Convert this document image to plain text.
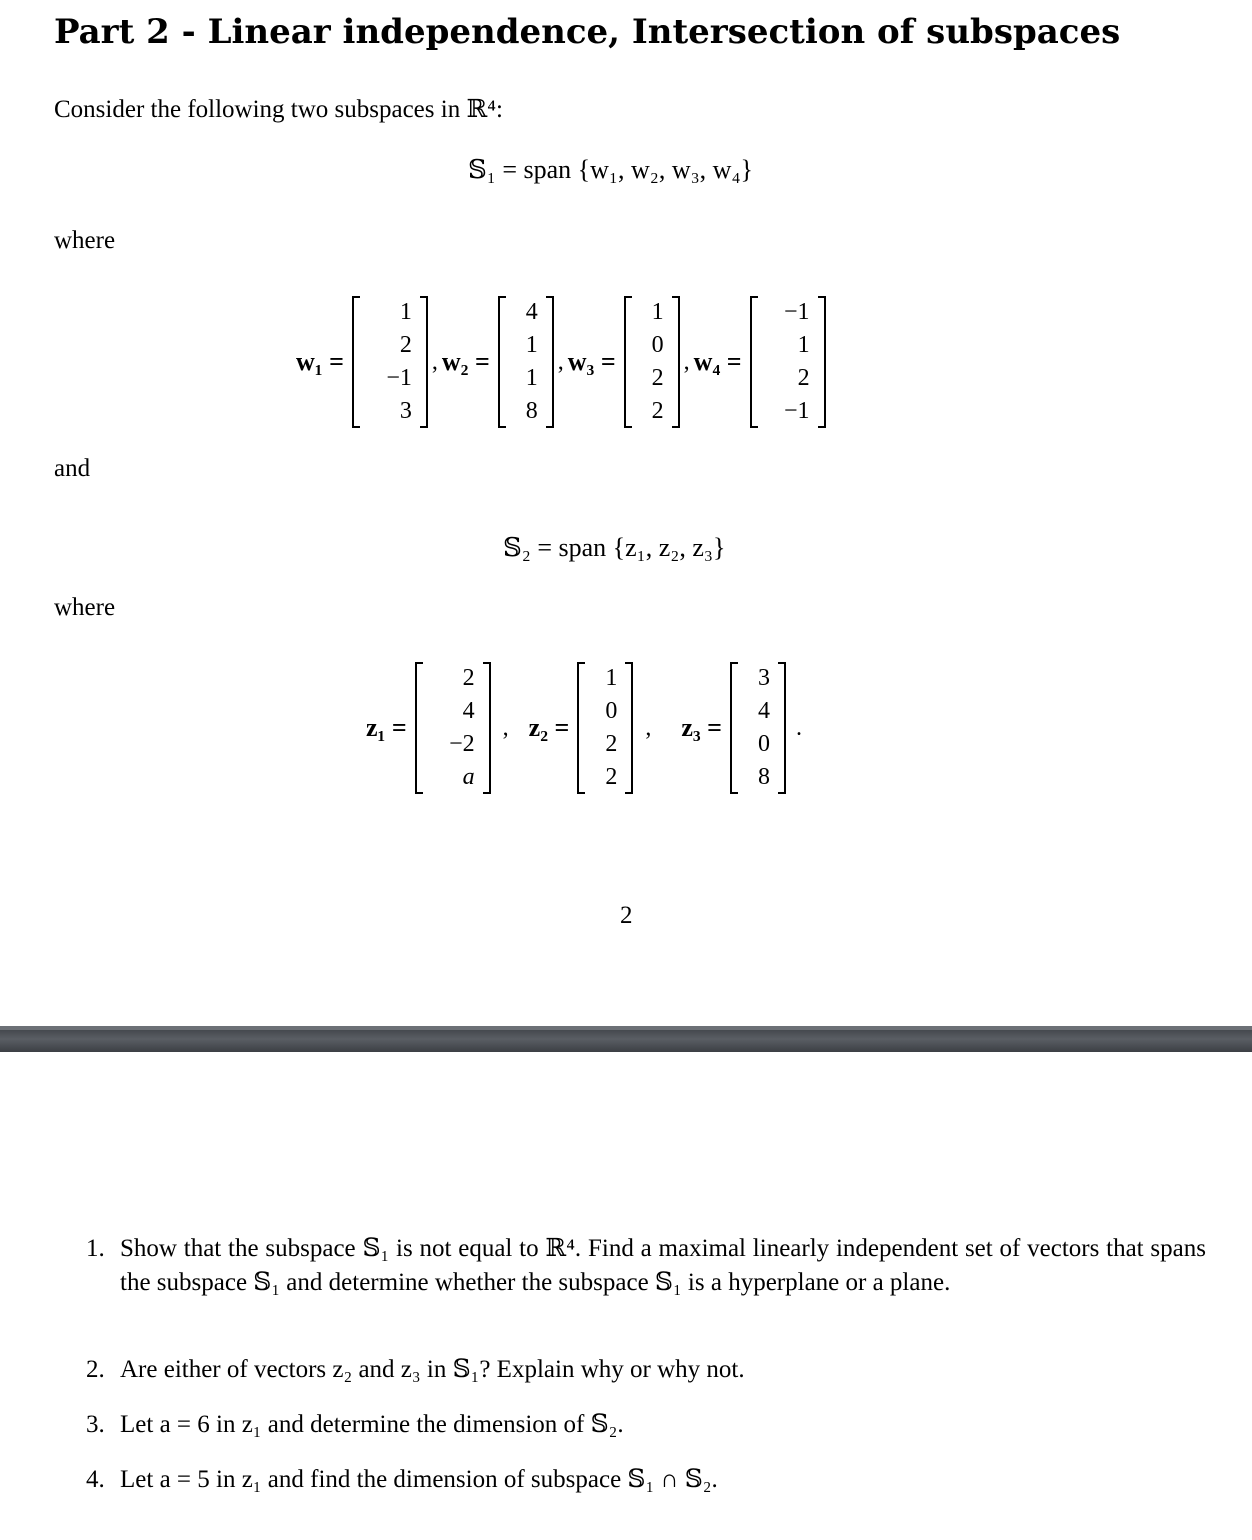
Part 2 - Linear independence, Intersection of subspaces
Consider the following two subspaces in ℝ⁴:
𝕊₁ = span {w₁, w₂, w₃, w₄}
where
w₁ =
1
2
−1
3
, w₂ =
4
1
1
8
, w₃ =
1
0
2
2
, w₄ =
−1
1
2
−1
and
𝕊₂ = span {z₁, z₂, z₃}
where
z₁ =
2
4
−2
a
, z₂ =
1
0
2
2
, z₃ =
3
4
0
8
.
2
1. Show that the subspace 𝕊₁ is not equal to ℝ⁴. Find a maximal linearly independent set of vectors that spans the subspace 𝕊₁ and determine whether the subspace 𝕊₁ is a hyperplane or a plane.
2. Are either of vectors z₂ and z₃ in 𝕊₁? Explain why or why not.
3. Let a = 6 in z₁ and determine the dimension of 𝕊₂.
4. Let a = 5 in z₁ and find the dimension of subspace 𝕊₁ ∩ 𝕊₂.
